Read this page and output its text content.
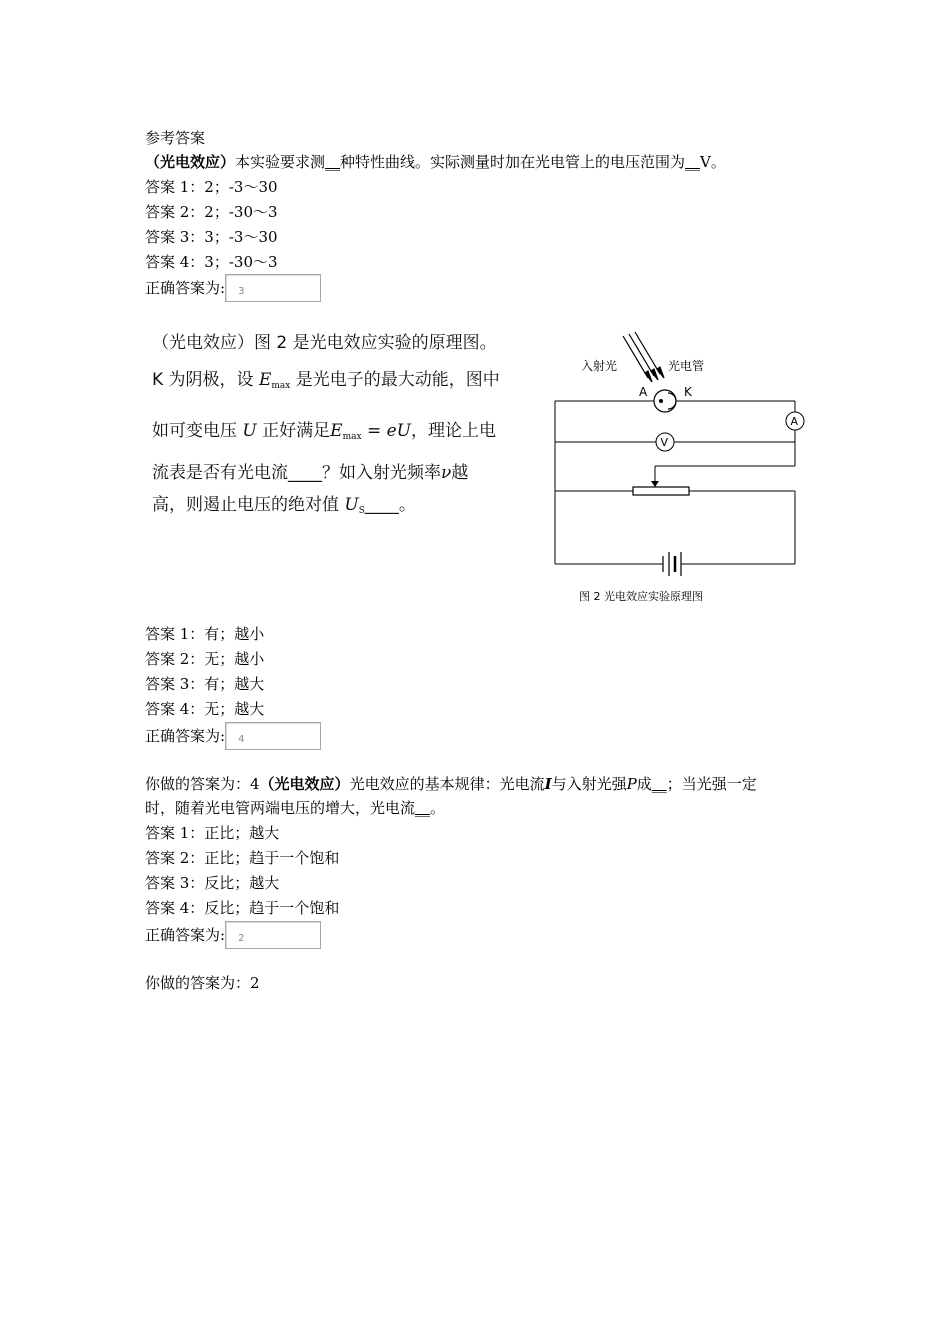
参考答案
（光电效应）本实验要求测__种特性曲线。实际测量时加在光电管上的电压范围为__V。
答案 1：2；-3～30
答案 2：2；-30～3
答案 3：3；-3～30
答案 4：3；-30～3
正确答案为: 3
（光电效应）图 2 是光电效应实验的原理图。
K 为阴极，设 $E_{max}$ 是光电子的最大动能，图中
如可变电压 U 正好满足$E_{max}$ = eU，理论上电
流表是否有光电流____？如入射光频率ν越
高，则遏止电压的绝对值 $U_S\_\_\_\_$。
入射光	光电管
A	K
A
V
图 2 光电效应实验原理图
答案 1：有；越小
答案 2：无；越小
答案 3：有；越大
答案 4：无；越大
正确答案为: 4
你做的答案为：4（光电效应）光电效应的基本规律：光电流I与入射光强P成__；当光强一定
时，随着光电管两端电压的增大，光电流__。
答案 1：正比；越大
答案 2：正比；趋于一个饱和
答案 3：反比；越大
答案 4：反比；趋于一个饱和
正确答案为: 2
你做的答案为：2
